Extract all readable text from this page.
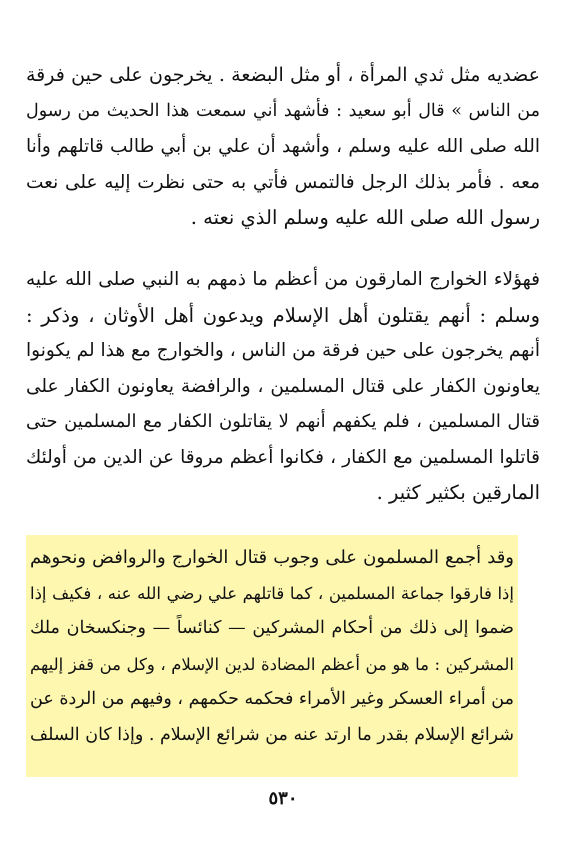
عضديه مثل ثدي المرأة ، أو مثل البضعة . يخرجون على حين فرقة
من الناس » قال أبو سعيد : فأشهد أني سمعت هذا الحديث من رسول
الله صلى الله عليه وسلم ، وأشهد أن علي بن أبي طالب قاتلهم وأنا
معه . فأمر بذلك الرجل فالتمس فأتي به حتى نظرت إليه على نعت
رسول الله صلى الله عليه وسلم الذي نعته .
فهؤلاء الخوارج المارقون من أعظم ما ذمهم به النبي صلى الله عليه
وسلم : أنهم يقتلون أهل الإسلام ويدعون أهل الأوثان ، وذكر :
أنهم يخرجون على حين فرقة من الناس ، والخوارج مع هذا لم يكونوا
يعاونون الكفار على قتال المسلمين ، والرافضة يعاونون الكفار على
قتال المسلمين ، فلم يكفهم أنهم لا يقاتلون الكفار مع المسلمين حتى
قاتلوا المسلمين مع الكفار ، فكانوا أعظم مروقا عن الدين من أولئك
المارقين بكثير كثير .
وقد أجمع المسلمون على وجوب قتال الخوارج والروافض ونحوهم
إذا فارقوا جماعة المسلمين ، كما قاتلهم علي رضي الله عنه ، فكيف إذا
ضموا إلى ذلك من أحكام المشركين — كنائساً — وجنكسخان ملك
المشركين : ما هو من أعظم المضادة لدين الإسلام ، وكل من قفز إليهم
من أمراء العسكر وغير الأمراء فحكمه حكمهم ، وفيهم من الردة عن
شرائع الإسلام بقدر ما ارتد عنه من شرائع الإسلام . وإذا كان السلف
٥٣٠
